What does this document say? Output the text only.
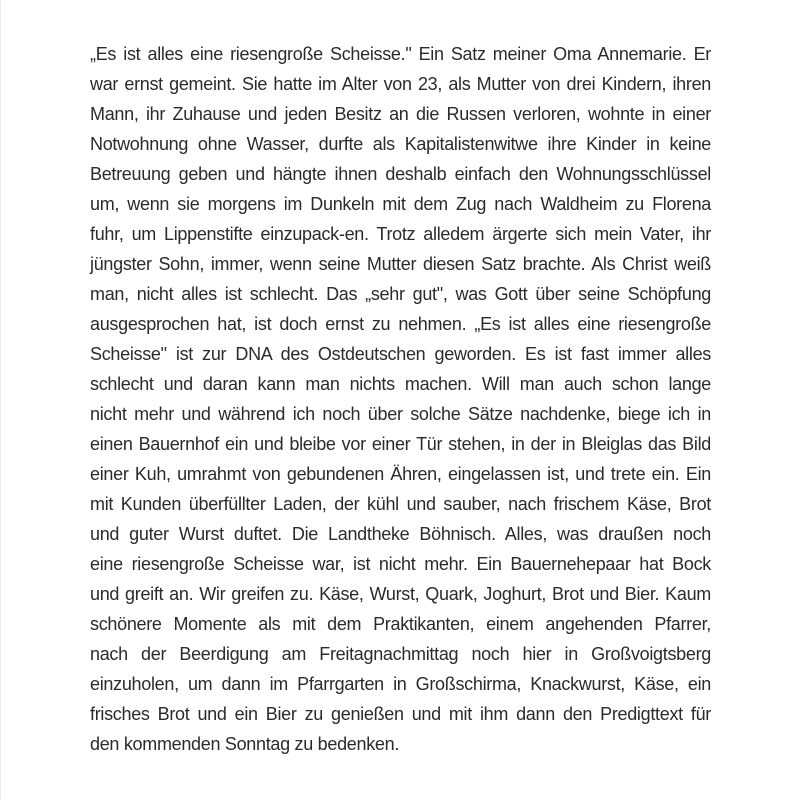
„Es ist alles eine riesengroße Scheisse." Ein Satz meiner Oma Annemarie. Er
war ernst gemeint. Sie hatte im Alter von 23, als Mutter von drei Kindern, ihren
Mann, ihr Zuhause und jeden Besitz an die Russen verloren, wohnte in einer
Notwohnung ohne Wasser, durfte als Kapitalistenwitwe ihre Kinder in keine
Betreuung geben und hängte ihnen deshalb einfach den Wohnungsschlüssel
um, wenn sie morgens im Dunkeln mit dem Zug nach Waldheim zu Florena
fuhr, um Lippenstifte einzupack-en. Trotz alledem ärgerte sich mein Vater, ihr
jüngster Sohn, immer, wenn seine Mutter diesen Satz brachte. Als Christ weiß
man, nicht alles ist schlecht. Das „sehr gut", was Gott über seine Schöpfung
ausgesprochen hat, ist doch ernst zu nehmen. „Es ist alles eine riesengroße
Scheisse" ist zur DNA des Ostdeutschen geworden. Es ist fast immer alles
schlecht und daran kann man nichts machen. Will man auch schon lange
nicht mehr und während ich noch über solche Sätze nachdenke, biege ich in
einen Bauernhof ein und bleibe vor einer Tür stehen, in der in Bleiglas das Bild
einer Kuh, umrahmt von gebundenen Ähren, eingelassen ist, und trete ein. Ein
mit Kunden überfüllter Laden, der kühl und sauber, nach frischem Käse, Brot
und guter Wurst duftet. Die Landtheke Böhnisch. Alles, was draußen noch
eine riesengroße Scheisse war, ist nicht mehr. Ein Bauernehepaar hat Bock
und greift an. Wir greifen zu. Käse, Wurst, Quark, Joghurt, Brot und Bier. Kaum
schönere Momente als mit dem Praktikanten, einem angehenden Pfarrer,
nach der Beerdigung am Freitagnachmittag noch hier in Großvoigtsberg
einzuholen, um dann im Pfarrgarten in Großschirma, Knackwurst, Käse, ein
frisches Brot und ein Bier zu genießen und mit ihm dann den Predigttext für
den kommenden Sonntag zu bedenken.
